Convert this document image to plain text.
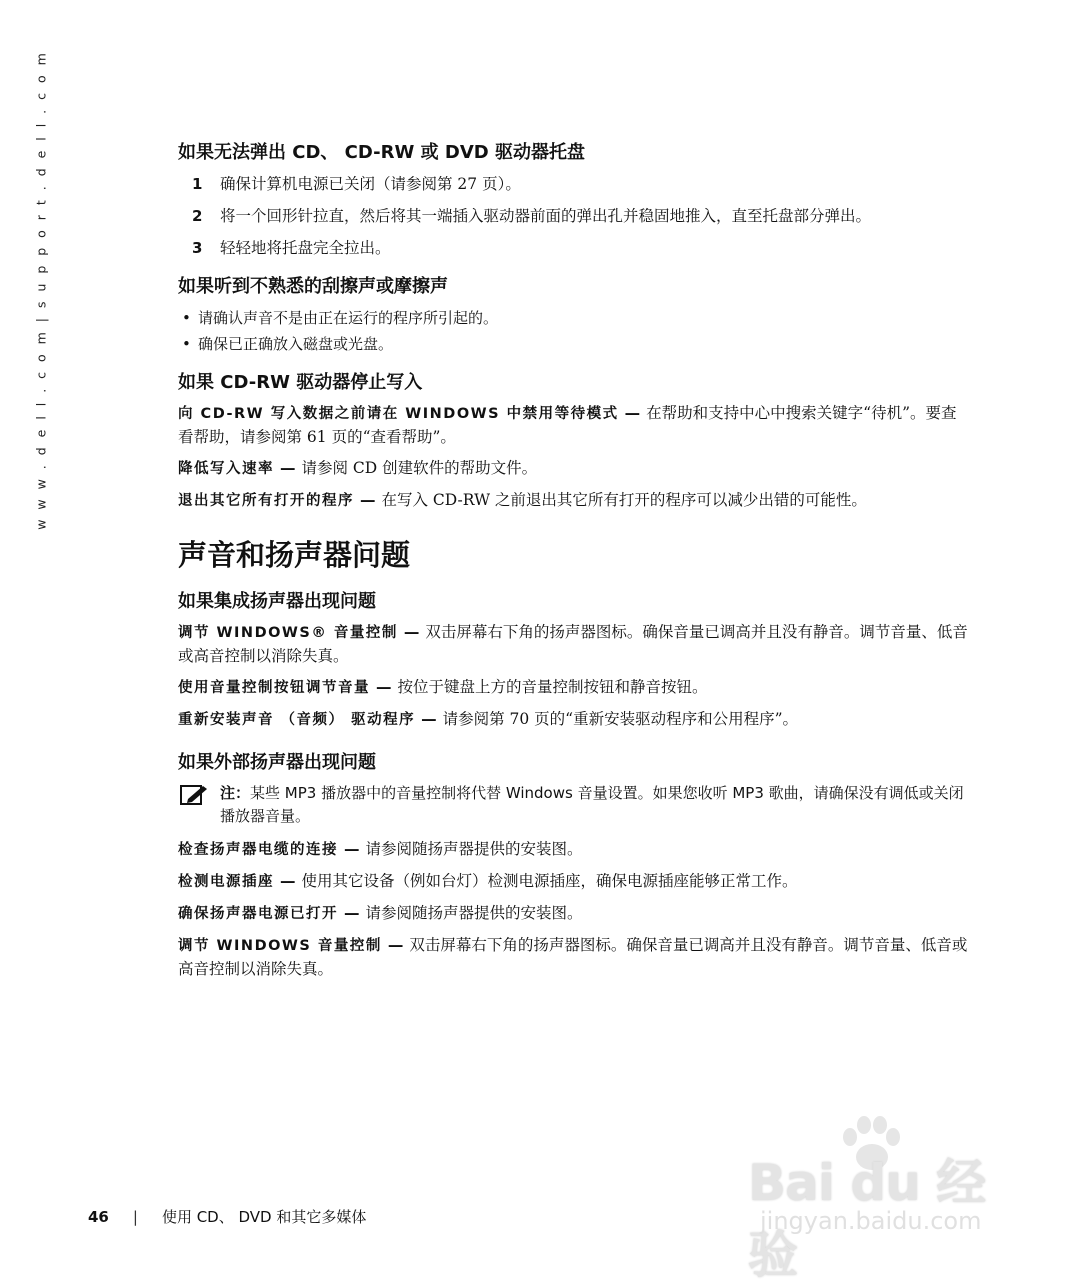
w w w . d e l l . c o m | s u p p o r t . d e l l . c o m	如果无法弹出 CD、 CD-RW 或 DVD 驱动器托盘
1 确保计算机电源已关闭（请参阅第 27 页）。
2 将一个回形针拉直，然后将其一端插入驱动器前面的弹出孔并稳固地推入，直至托盘部分弹出。
3 轻轻地将托盘完全拉出。
如果听到不熟悉的刮擦声或摩擦声
• 请确认声音不是由正在运行的程序所引起的。
• 确保已正确放入磁盘或光盘。
如果 CD-RW 驱动器停止写入

向 CD-RW 写入数据之前请在 WINDOWS 中禁用等待模式 — 在帮助和支持中心中搜索关键字“待机”。要查看帮助，请参阅第 61 页的“查看帮助”。

降低写入速率 — 请参阅 CD 创建软件的帮助文件。

退出其它所有打开的程序 — 在写入 CD-RW 之前退出其它所有打开的程序可以减少出错的可能性。

声音和扬声器问题
如果集成扬声器出现问题

调节 WINDOWS® 音量控制 — 双击屏幕右下角的扬声器图标。确保音量已调高并且没有静音。调节音量、低音或高音控制以消除失真。

使用音量控制按钮调节音量 — 按位于键盘上方的音量控制按钮和静音按钮。

重新安装声音 （音频） 驱动程序 — 请参阅第 70 页的“重新安装驱动程序和公用程序”。

如果外部扬声器出现问题
注：某些 MP3 播放器中的音量控制将代替 Windows 音量设置。如果您收听 MP3 歌曲，请确保没有调低或关闭播放器音量。

检查扬声器电缆的连接 — 请参阅随扬声器提供的安装图。

检测电源插座 — 使用其它设备（例如台灯）检测电源插座，确保电源插座能够正常工作。

确保扬声器电源已打开 — 请参阅随扬声器提供的安装图。

调节 WINDOWS 音量控制 — 双击屏幕右下角的扬声器图标。确保音量已调高并且没有静音。调节音量、低音或高音控制以消除失真。

46 | 使用 CD、 DVD 和其它多媒体
Bai du 经验
jingyan.baidu.com
